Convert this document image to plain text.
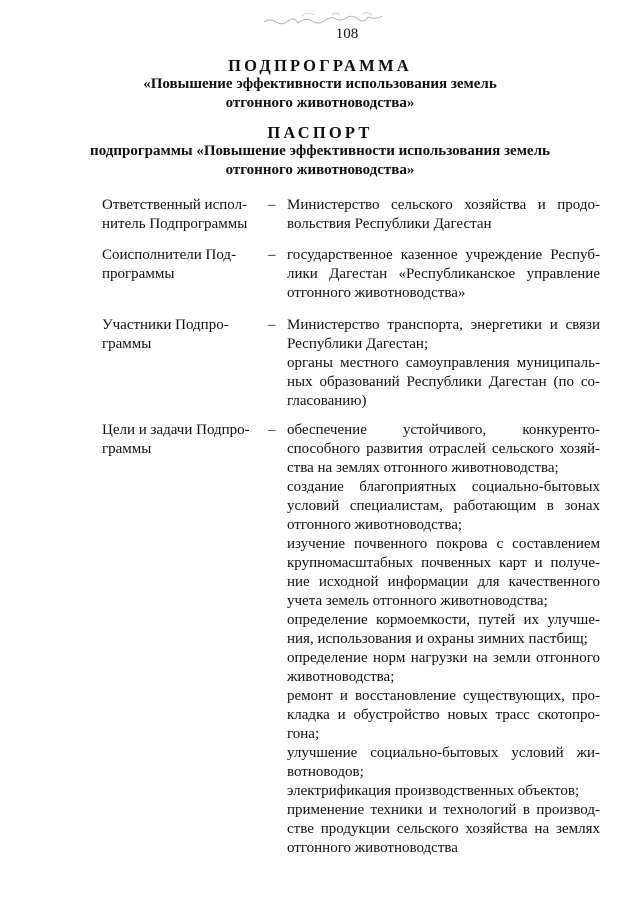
108
ПОДПРОГРАММА
«Повышение эффективности использования земель
отгонного животноводства»
ПАСПОРТ
подпрограммы «Повышение эффективности использования земель
отгонного животноводства»
Ответственный испол-
нитель Подпрограммы
– Министерство сельского хозяйства и продо-
вольствия Республики Дагестан
Соисполнители Под-
программы
– государственное казенное учреждение Респуб-
лики Дагестан «Республиканское управление
отгонного животноводства»
Участники Подпро-
граммы
– Министерство транспорта, энергетики и связи
Республики Дагестан;
органы местного самоуправления муниципаль-
ных образований Республики Дагестан (по со-
гласованию)
Цели и задачи Подпро-
граммы
– обеспечение устойчивого, конкуренто-
способного развития отраслей сельского хозяй-
ства на землях отгонного животноводства;
создание благоприятных социально-бытовых
условий специалистам, работающим в зонах
отгонного животноводства;
изучение почвенного покрова с составлением
крупномасштабных почвенных карт и получе-
ние исходной информации для качественного
учета земель отгонного животноводства;
определение кормоемкости, путей их улучше-
ния, использования и охраны зимних пастбищ;
определение норм нагрузки на земли отгонного
животноводства;
ремонт и восстановление существующих, про-
кладка и обустройство новых трасс скотопро-
гона;
улучшение социально-бытовых условий жи-
вотноводов;
электрификация производственных объектов;
применение техники и технологий в производ-
стве продукции сельского хозяйства на землях
отгонного животноводства
